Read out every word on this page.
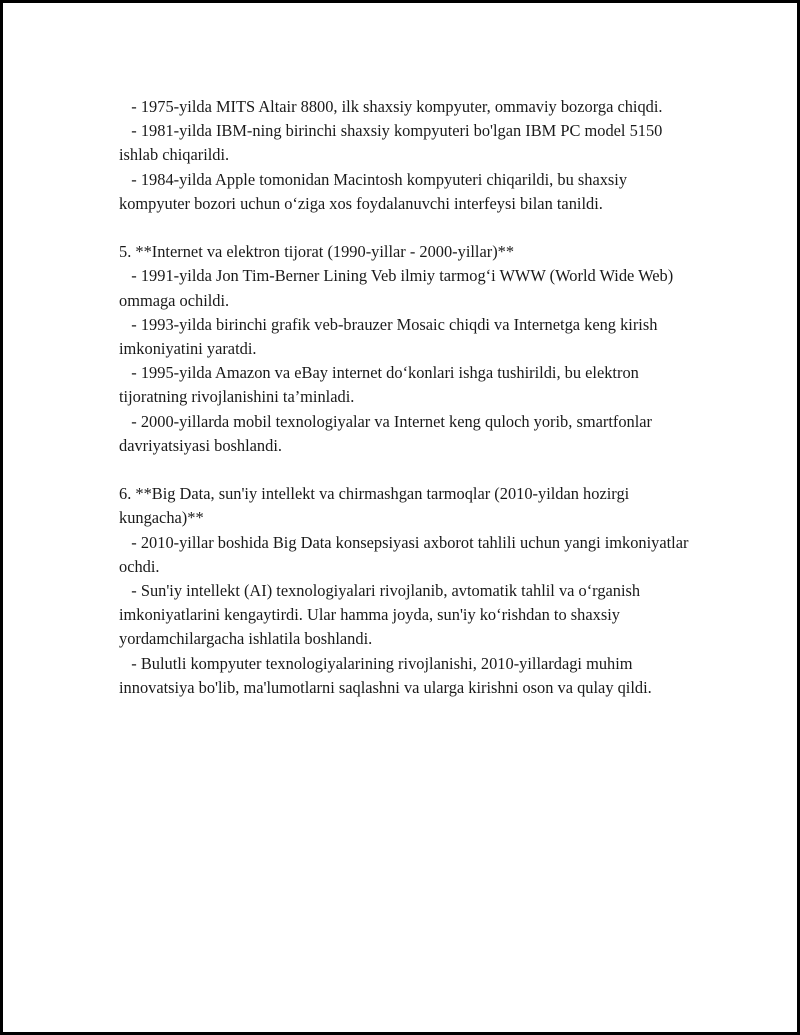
- 1975-yilda MITS Altair 8800, ilk shaxsiy kompyuter, ommaviy bozorga chiqdi.

- 1981-yilda IBM-ning birinchi shaxsiy kompyuteri bo'lgan IBM PC model 5150 ishlab chiqarildi.

- 1984-yilda Apple tomonidan Macintosh kompyuteri chiqarildi, bu shaxsiy kompyuter bozori uchun o‘ziga xos foydalanuvchi interfeysi bilan tanildi.

5. **Internet va elektron tijorat (1990-yillar - 2000-yillar)**

- 1991-yilda Jon Tim-Berner Lining Veb ilmiy tarmog‘i WWW (World Wide Web) ommaga ochildi.

- 1993-yilda birinchi grafik veb-brauzer Mosaic chiqdi va Internetga keng kirish imkoniyatini yaratdi.

- 1995-yilda Amazon va eBay internet do‘konlari ishga tushirildi, bu elektron tijoratning rivojlanishini ta’minladi.

- 2000-yillarda mobil texnologiyalar va Internet keng quloch yorib, smartfonlar davriyatsiyasi boshlandi.

6. **Big Data, sun'iy intellekt va chirmashgan tarmoqlar (2010-yildan hozirgi kungacha)**

- 2010-yillar boshida Big Data konsepsiyasi axborot tahlili uchun yangi imkoniyatlar ochdi.

- Sun'iy intellekt (AI) texnologiyalari rivojlanib, avtomatik tahlil va o‘rganish imkoniyatlarini kengaytirdi. Ular hamma joyda, sun'iy ko‘rishdan to shaxsiy yordamchilargacha ishlatila boshlandi.

- Bulutli kompyuter texnologiyalarining rivojlanishi, 2010-yillardagi muhim innovatsiya bo'lib, ma'lumotlarni saqlashni va ularga kirishni oson va qulay qildi.
